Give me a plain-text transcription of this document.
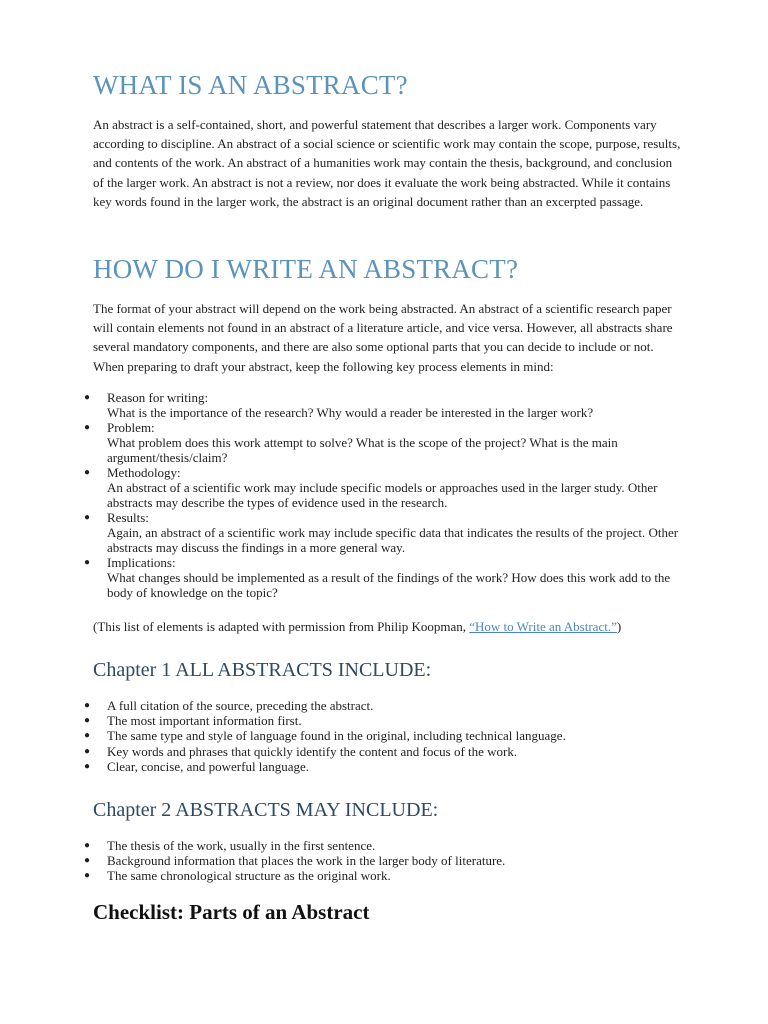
WHAT IS AN ABSTRACT?

An abstract is a self-contained, short, and powerful statement that describes a larger work. Components vary according to discipline. An abstract of a social science or scientific work may contain the scope, purpose, results, and contents of the work. An abstract of a humanities work may contain the thesis, background, and conclusion of the larger work. An abstract is not a review, nor does it evaluate the work being abstracted. While it contains key words found in the larger work, the abstract is an original document rather than an excerpted passage.

HOW DO I WRITE AN ABSTRACT?

The format of your abstract will depend on the work being abstracted. An abstract of a scientific research paper will contain elements not found in an abstract of a literature article, and vice versa. However, all abstracts share several mandatory components, and there are also some optional parts that you can decide to include or not. When preparing to draft your abstract, keep the following key process elements in mind:

● Reason for writing:
What is the importance of the research? Why would a reader be interested in the larger work?
● Problem:
What problem does this work attempt to solve? What is the scope of the project? What is the main argument/thesis/claim?
● Methodology:
An abstract of a scientific work may include specific models or approaches used in the larger study. Other abstracts may describe the types of evidence used in the research.
● Results:
Again, an abstract of a scientific work may include specific data that indicates the results of the project. Other abstracts may discuss the findings in a more general way.
● Implications:
What changes should be implemented as a result of the findings of the work? How does this work add to the body of knowledge on the topic?

(This list of elements is adapted with permission from Philip Koopman, “How to Write an Abstract.”)

Chapter 1 ALL ABSTRACTS INCLUDE:
● A full citation of the source, preceding the abstract.
● The most important information first.
● The same type and style of language found in the original, including technical language.
● Key words and phrases that quickly identify the content and focus of the work.
● Clear, concise, and powerful language.
Chapter 2 ABSTRACTS MAY INCLUDE:
● The thesis of the work, usually in the first sentence.
● Background information that places the work in the larger body of literature.
● The same chronological structure as the original work.
Checklist: Parts of an Abstract
